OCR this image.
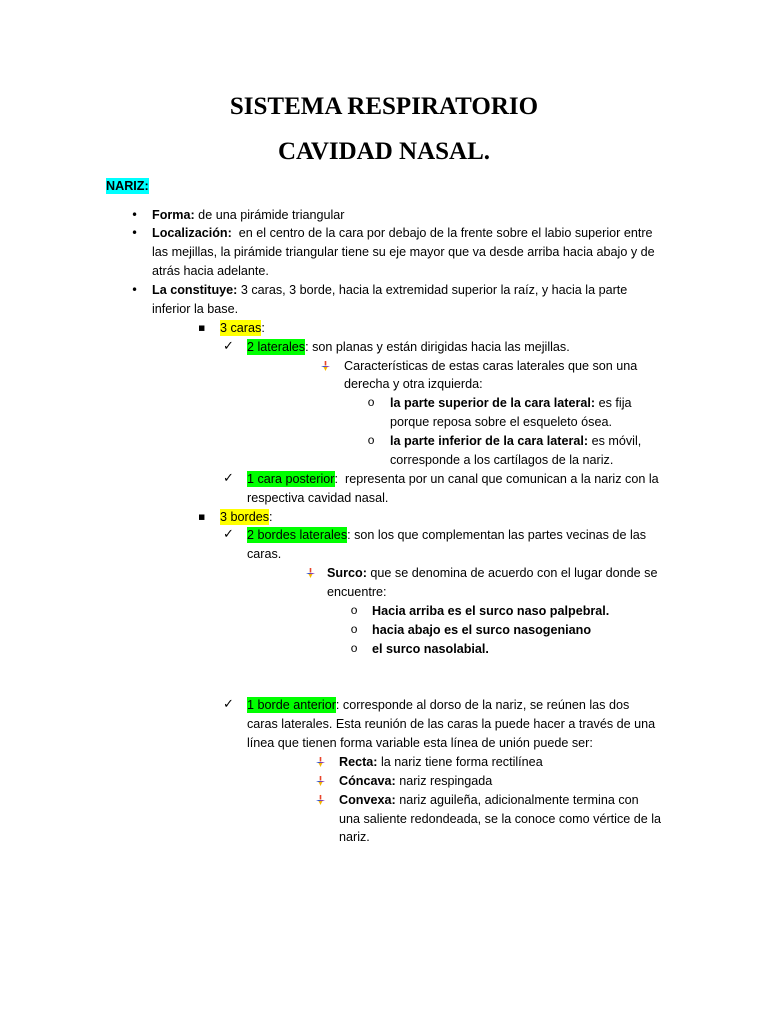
SISTEMA RESPIRATORIO
CAVIDAD NASAL.
NARIZ:
• Forma: de una pirámide triangular
• Localización:  en el centro de la cara por debajo de la frente sobre el labio superior entre
las mejillas, la pirámide triangular tiene su eje mayor que va desde arriba hacia abajo y de
atrás hacia adelante.
• La constituye: 3 caras, 3 borde, hacia la extremidad superior la raíz, y hacia la parte
inferior la base.
▪ 3 caras:
✓ 2 laterales: son planas y están dirigidas hacia las mejillas.
Características de estas caras laterales que son una
derecha y otra izquierda:
o la parte superior de la cara lateral: es fija
porque reposa sobre el esqueleto ósea.
o la parte inferior de la cara lateral: es móvil,
corresponde a los cartílagos de la nariz.
✓ 1 cara posterior:  representa por un canal que comunican a la nariz con la
respectiva cavidad nasal.
▪ 3 bordes:
✓ 2 bordes laterales: son los que complementan las partes vecinas de las
caras.
Surco: que se denomina de acuerdo con el lugar donde se
encuentre:
o Hacia arriba es el surco naso palpebral.
o hacia abajo es el surco nasogeniano
o el surco nasolabial.
✓ 1 borde anterior: corresponde al dorso de la nariz, se reúnen las dos
caras laterales. Esta reunión de las caras la puede hacer a través de una
línea que tienen forma variable esta línea de unión puede ser:
Recta: la nariz tiene forma rectilínea
Cóncava: nariz respingada
Convexa: nariz aguileña, adicionalmente termina con
una saliente redondeada, se la conoce como vértice de la
nariz.
